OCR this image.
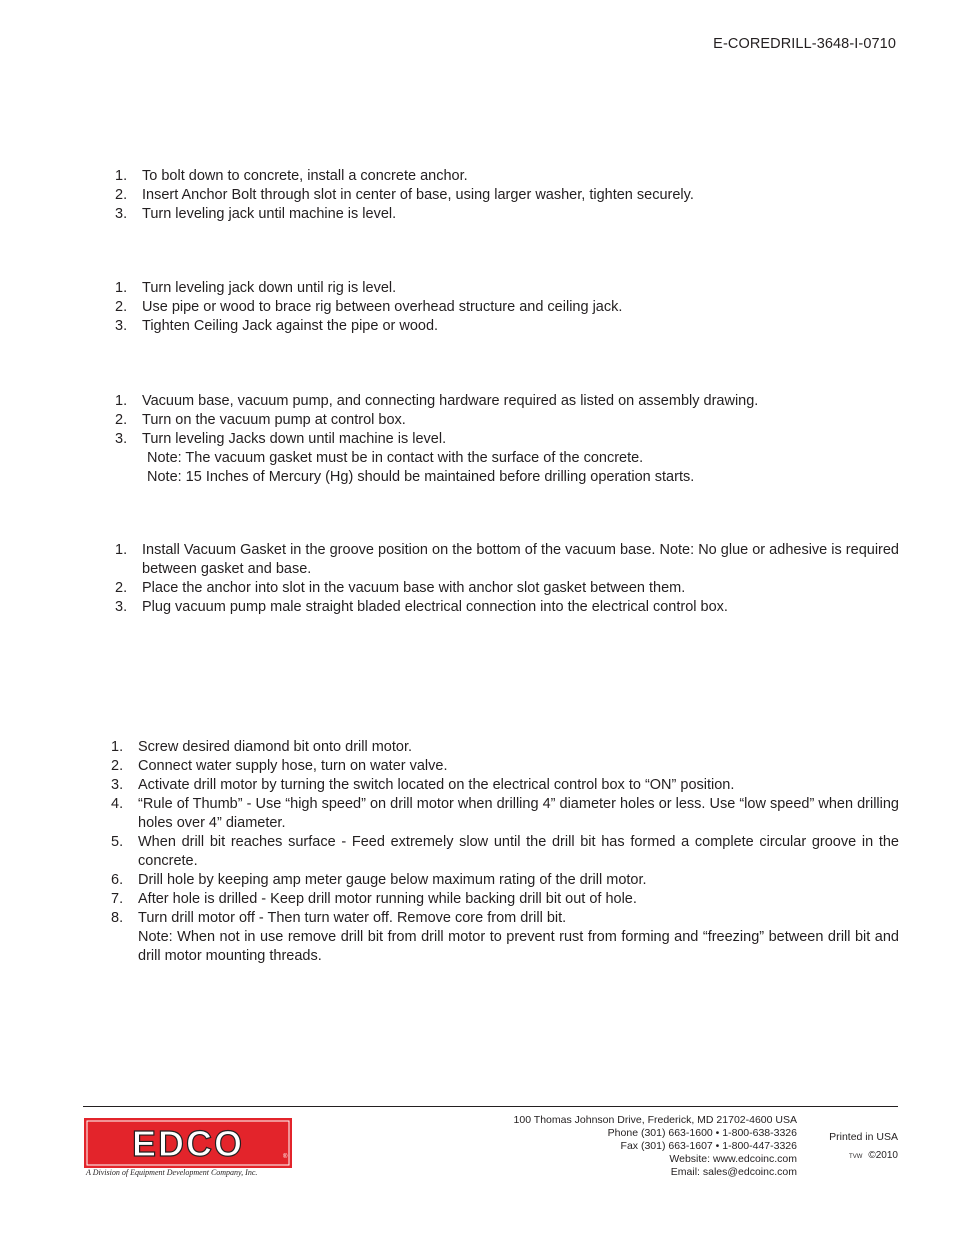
E-COREDRILL-3648-I-0710
1. To bolt down to concrete, install a concrete anchor.
2. Insert Anchor Bolt through slot in center of base, using larger washer, tighten securely.
3. Turn leveling jack until machine is level.
1. Turn leveling jack down until rig is level.
2. Use pipe or wood to brace rig between overhead structure and ceiling jack.
3. Tighten Ceiling Jack against the pipe or wood.
1. Vacuum base, vacuum pump, and connecting hardware required as listed on assembly drawing.
2. Turn on the vacuum pump at control box.
3. Turn leveling Jacks down until machine is level.
Note: The vacuum gasket must be in contact with the surface of the concrete.
Note: 15 Inches of Mercury (Hg) should be maintained before drilling operation starts.
1. Install Vacuum Gasket in the groove position on the bottom of the vacuum base. Note: No glue or adhesive is required between gasket and base.
2. Place the anchor into slot in the vacuum base with anchor slot gasket between them.
3. Plug vacuum pump male straight bladed electrical connection into the electrical control box.
1. Screw desired diamond bit onto drill motor.
2. Connect water supply hose, turn on water valve.
3. Activate drill motor by turning the switch located on the electrical control box to “ON” position.
4. “Rule of Thumb” - Use “high speed” on drill motor when drilling 4” diameter holes or less. Use “low speed” when drilling holes over 4” diameter.
5. When drill bit reaches surface - Feed extremely slow until the drill bit has formed a complete circular groove in the concrete.
6. Drill hole by keeping amp meter gauge below maximum rating of the drill motor.
7. After hole is drilled - Keep drill motor running while backing drill bit out of hole.
8. Turn drill motor off - Then turn water off. Remove core from drill bit.
Note: When not in use remove drill bit from drill motor to prevent rust from forming and “freezing” between drill bit and drill motor mounting threads.
EDCO	®
A Division of Equipment Development Company, Inc.
100 Thomas Johnson Drive, Frederick, MD 21702-4600 USA
Phone (301) 663-1600 • 1-800-638-3326
Fax (301) 663-1607 • 1-800-447-3326
Website: www.edcoinc.com
Email: sales@edcoinc.com
Printed in USA
TVW ©2010
